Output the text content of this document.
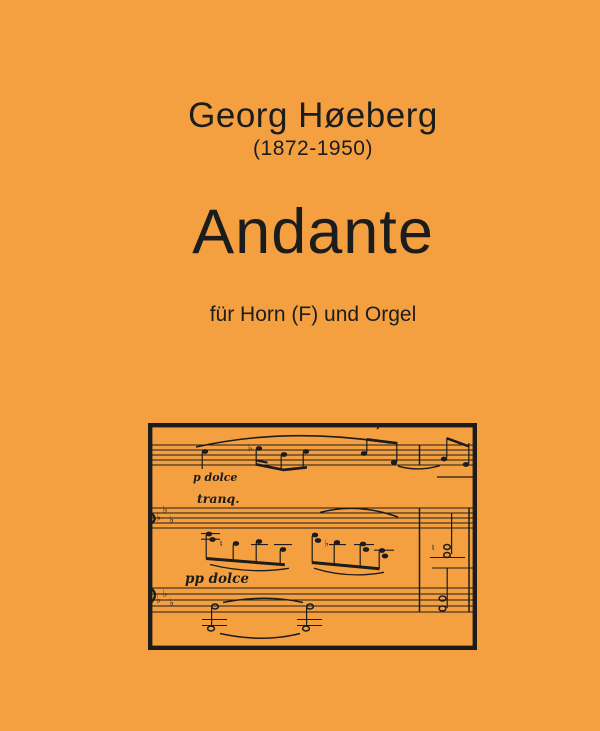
Georg Høeberg
(1872-1950)
Andante
für Horn (F) und Orgel
♭
’
p dolce
tranq.
♭
♭
♭
♮	♭	♮
pp dolce
♭ ♭
♭
